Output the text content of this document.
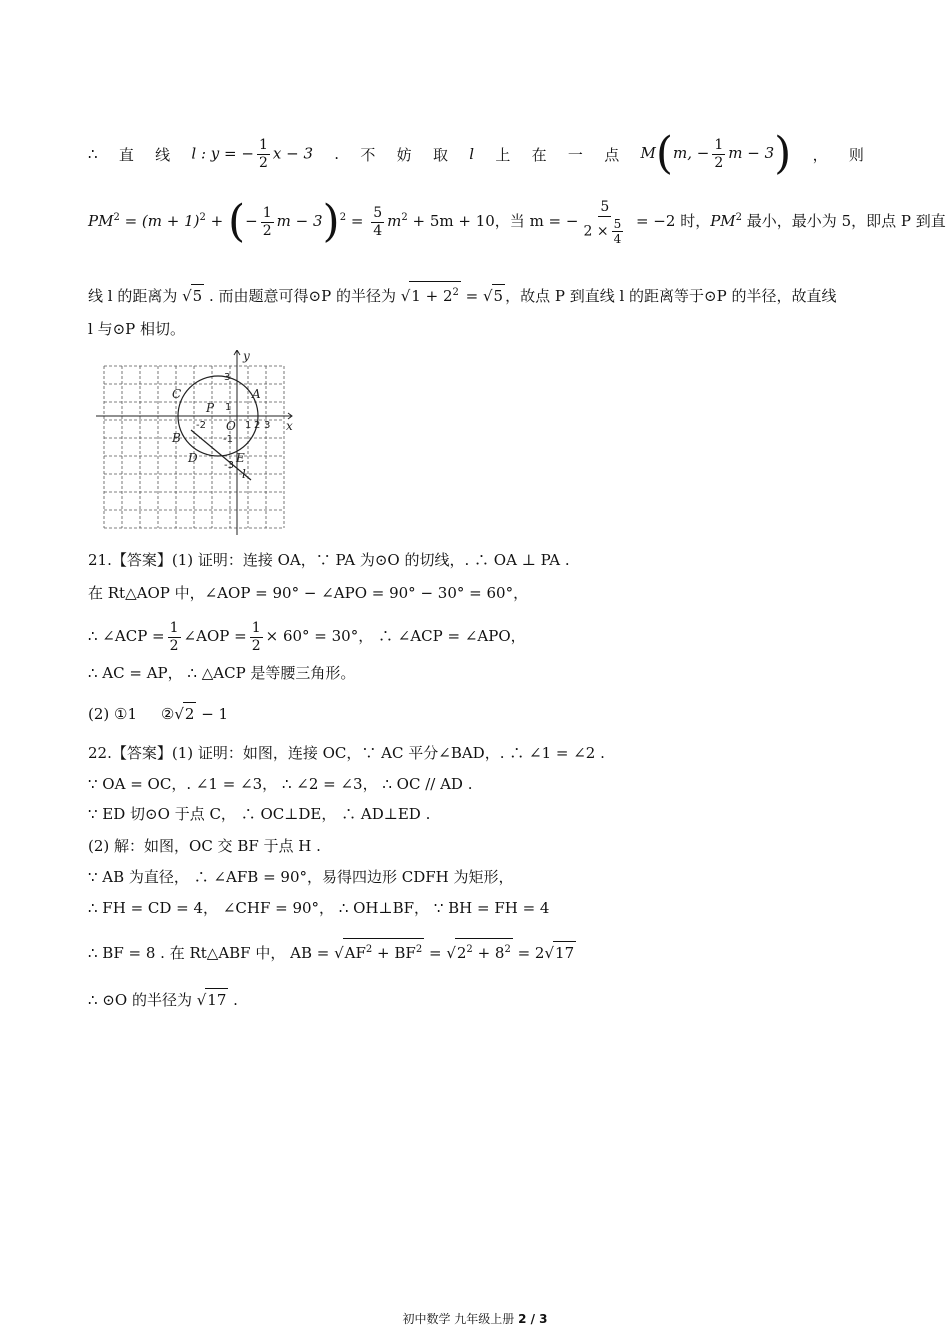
∴ 直 线 l : y = − $\frac{1}{2}$ x − 3 . 不 妨 取 l 上 在 一 点 M(m, − $\frac{1}{2}$ m − 3) ， 则
$PM^2 = (m + 1)^2$ + (− $\frac{1}{2}$ $m - 3)^2 = \frac{5}{4} m^2 + 5m + 10$，当 m = − $\frac{5}{2 \times \frac{5}{4}} = -2$ 时，$PM^2$ 最小，最小为 5，即点 P 到直
线 l 的距离为 √5 . 而由题意可得⊙P 的半径为 $√1 + 2^2 = √5$ ，故点 P 到直线 l 的距离等于⊙P 的半径，故直线
l 与⊙P 相切。
y
x
C	A
P
B
D	E
O
l
3
1
1 2 3
-2
-1
-3
21.【答案】(1) 证明：连接 OA，∵ PA 为⊙O 的切线，. ∴ OA ⊥ PA .
在 Rt△AOP 中，∠AOP = 90° − ∠APO = 90° − 30° = 60°，
∴ ∠ACP = $\frac{1}{2}$ ∠AOP = $\frac{1}{2} \times 60^\circ = 30^\circ$， ∴ ∠ACP = ∠APO，
∴ AC = AP， ∴ △ACP 是等腰三角形。
(2) ①1 ②√2 − 1
22.【答案】(1) 证明：如图，连接 OC，∵ AC 平分∠BAD，. ∴ ∠1 = ∠2 .
∵ OA = OC，. ∠1 = ∠3， ∴ ∠2 = ∠3， ∴ OC // AD .
∵ ED 切⊙O 于点 C， ∴ OC⊥DE， ∴ AD⊥ED .
(2) 解：如图，OC 交 BF 于点 H .
∵ AB 为直径， ∴ ∠AFB = 90°，易得四边形 CDFH 为矩形，
∴ FH = CD = 4， ∠CHF = 90°， ∴ OH⊥BF， ∵ BH = FH = 4
∴ BF = 8 . 在 Rt△ABF 中， AB = $√AF^2 + BF^2 = √2^2 + 8^2 = 2√17$
∴ ⊙O 的半径为 √17 .
初中数学 九年级上册 2 / 3
